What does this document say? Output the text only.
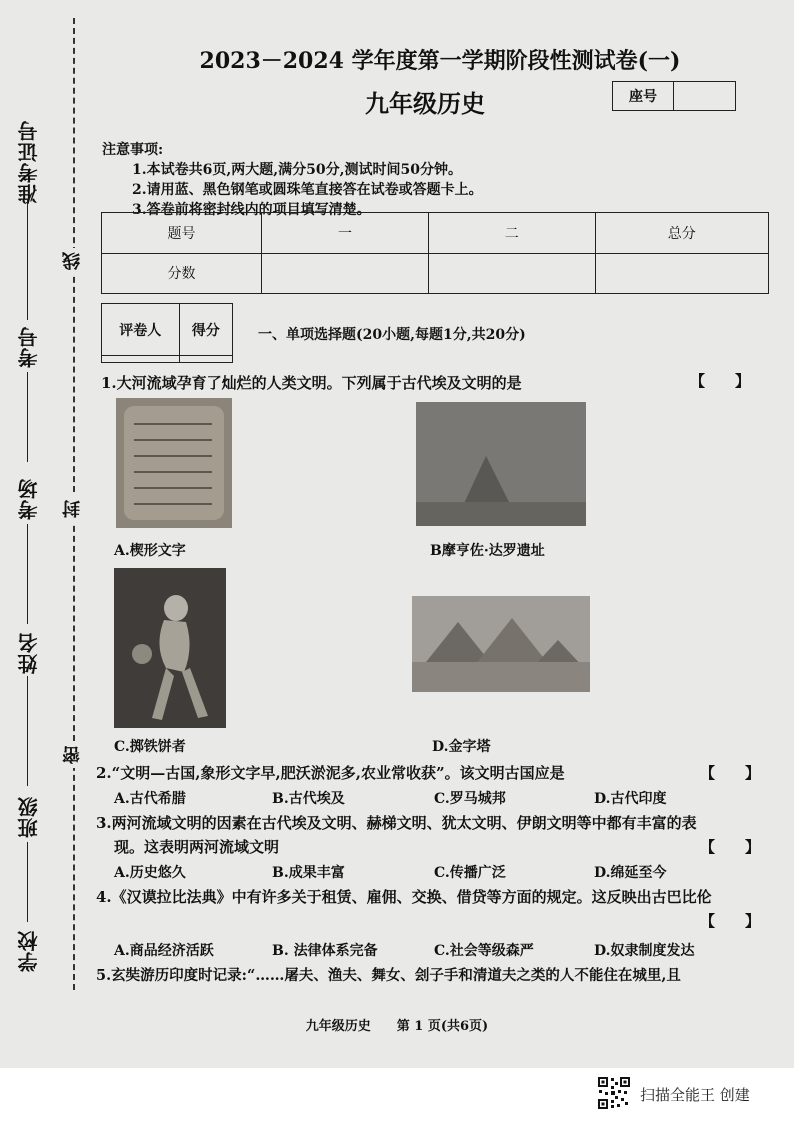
准考证号
考号
考场
姓名
班级
学校
线
封
密
2023－2024 学年度第一学期阶段性测试卷(一)
九年级历史	座号
注意事项:
1.本试卷共6页,两大题,满分50分,测试时间50分钟。
2.请用蓝、黑色钢笔或圆珠笔直接答在试卷或答题卡上。
3.答卷前将密封线内的项目填写清楚。
题号	一	二	总分
分数			
评卷人	得分
		一、单项选择题(20小题,每题1分,共20分)
1.大河流域孕育了灿烂的人类文明。下列属于古代埃及文明的是	【　　】
A.楔形文字	B摩亨佐·达罗遗址
C.掷铁饼者	D.金字塔
2.“文明—古国,象形文字早,肥沃淤泥多,农业常收获”。该文明古国应是	【　　】
A.古代希腊	B.古代埃及	C.罗马城邦	D.古代印度
3.两河流域文明的因素在古代埃及文明、赫梯文明、犹太文明、伊朗文明等中都有丰富的表
现。这表明两河流域文明	【　　】
A.历史悠久	B.成果丰富	C.传播广泛	D.绵延至今
4.《汉谟拉比法典》中有许多关于租赁、雇佣、交换、借贷等方面的规定。这反映出古巴比伦
【　　】
A.商品经济活跃	B. 法律体系完备	C.社会等级森严	D.奴隶制度发达
5.玄奘游历印度时记录:“……屠夫、渔夫、舞女、刽子手和清道夫之类的人不能住在城里,且
九年级历史　　第 1 页(共6页)
扫描全能王 创建
